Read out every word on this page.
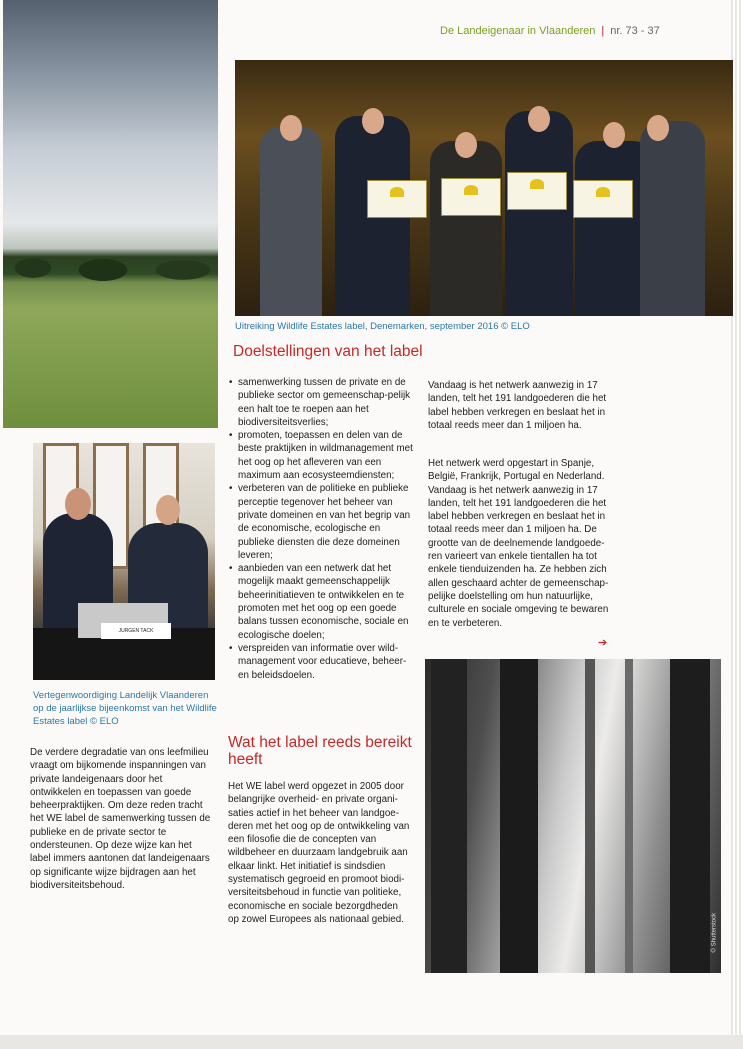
De Landeigenaar in Vlaanderen | nr. 73 - 37
Uitreiking Wildlife Estates label, Denemarken, september 2016 © ELO
JURGEN TACK
Vertegenwoordiging Landelijk Vlaanderen op de jaarlijkse bijeenkomst van het Wildlife Estates label © ELO

De verdere degradatie van ons leefmilieu vraagt om bijkomende inspanningen van private landeigenaars door het ontwikkelen en toepassen van goede beheerpraktijken. Om deze reden tracht het WE label de samenwerking tussen de publieke en de private sector te ondersteunen. Op deze wijze kan het label immers aantonen dat landeigenaars op significante wijze bijdragen aan het biodiversiteitsbehoud.

Doelstellingen van het label
• samenwerking tussen de private en de publieke sector om gemeenschap-pelijk een halt toe te roepen aan het biodiversiteitsverlies;
• promoten, toepassen en delen van de beste praktijken in wildmanagement met het oog op het afleveren van een maximum aan ecosysteemdiensten;
• verbeteren van de politieke en publieke perceptie tegenover het beheer van private domeinen en van het begrip van de economische, ecologische en publieke diensten die deze domeinen leveren;
• aanbieden van een netwerk dat het mogelijk maakt gemeenschappelijk beheerinitiatieven te ontwikkelen en te promoten met het oog op een goede balans tussen economische, sociale en ecologische doelen;
• verspreiden van informatie over wild-management voor educatieve, beheer- en beleidsdoelen.
Wat het label reeds bereikt heeft

Het WE label werd opgezet in 2005 door belangrijke overheid- en private organi-saties actief in het beheer van landgoe-deren met het oog op de ontwikkeling van een filosofie die de concepten van wildbeheer en duurzaam landgebruik aan elkaar linkt. Het initiatief is sindsdien systematisch gegroeid en promoot biodi-versiteitsbehoud in functie van politieke, economische en sociale bezorgdheden op zowel Europees als nationaal gebied.

Vandaag is het netwerk aanwezig in 17 landen, telt het 191 landgoederen die het label hebben verkregen en beslaat het in totaal reeds meer dan 1 miljoen ha.

Het netwerk werd opgestart in Spanje, België, Frankrijk, Portugal en Nederland. Vandaag is het netwerk aanwezig in 17 landen, telt het 191 landgoederen die het label hebben verkregen en beslaat het in totaal reeds meer dan 1 miljoen ha. De grootte van de deelnemende landgoede-ren varieert van enkele tientallen ha tot enkele tienduizenden ha. Ze hebben zich allen geschaard achter de gemeenschap-pelijke doelstelling om hun natuurlijke, culturele en sociale omgeving te bewaren en te verbeteren.

➔
© Shutterstock
